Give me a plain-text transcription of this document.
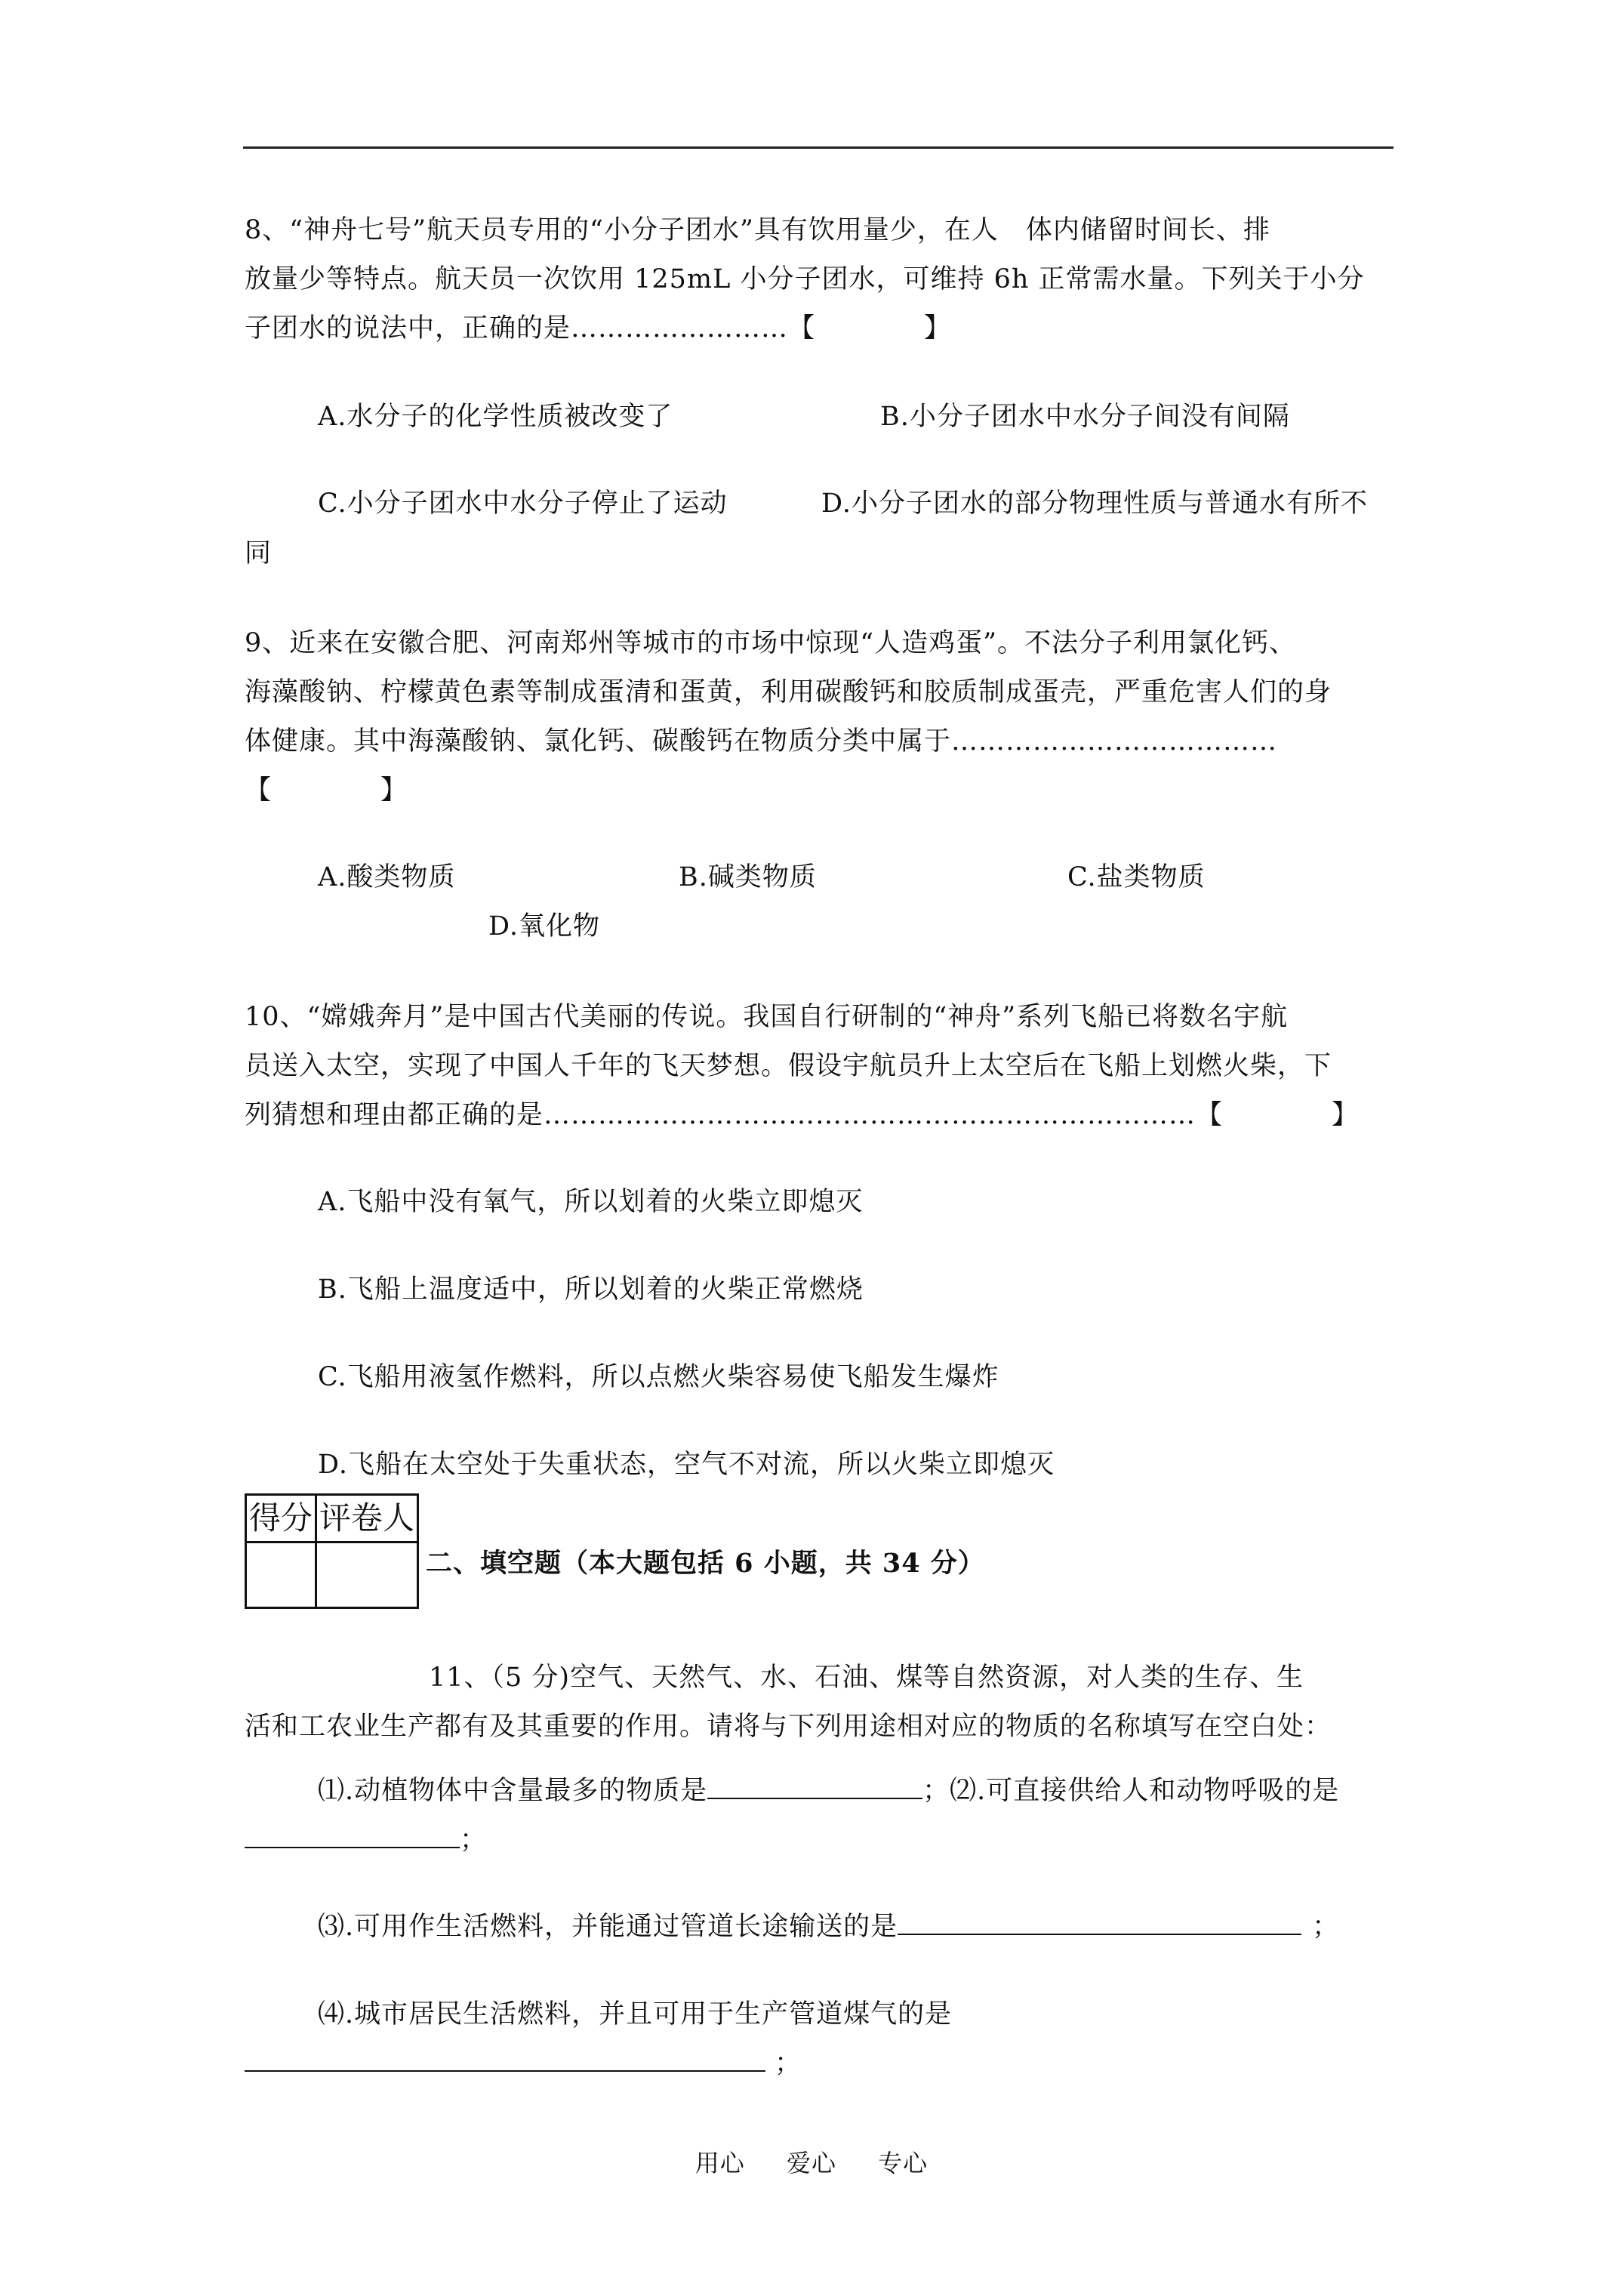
8、“神舟七号”航天员专用的“小分子团水”具有饮用量少，在人　体内储留时间长、排
放量少等特点。航天员一次饮用 125mL 小分子团水，可维持 6h 正常需水量。下列关于小分
子团水的说法中，正确的是……………………【　　　　】
A.水分子的化学性质被改变了	B.小分子团水中水分子间没有间隔
C.小分子团水中水分子停止了运动	D.小分子团水的部分物理性质与普通水有所不
同
9、近来在安徽合肥、河南郑州等城市的市场中惊现“人造鸡蛋”。不法分子利用氯化钙、
海藻酸钠、柠檬黄色素等制成蛋清和蛋黄，利用碳酸钙和胶质制成蛋壳，严重危害人们的身
体健康。其中海藻酸钠、氯化钙、碳酸钙在物质分类中属于………………………………
【　　　　】
A.酸类物质	B.碱类物质	C.盐类物质
D.氧化物
10、“嫦娥奔月”是中国古代美丽的传说。我国自行研制的“神舟”系列飞船已将数名宇航
员送入太空，实现了中国人千年的飞天梦想。假设宇航员升上太空后在飞船上划燃火柴，下
列猜想和理由都正确的是………………………………………………………………【　　　　】
A.飞船中没有氧气，所以划着的火柴立即熄灭
B.飞船上温度适中，所以划着的火柴正常燃烧
C.飞船用液氢作燃料，所以点燃火柴容易使飞船发生爆炸
D.飞船在太空处于失重状态，空气不对流，所以火柴立即熄灭
得分	评卷人

二、填空题（本大题包括 6 小题，共 34 分）
11、（5 分)空气、天然气、水、石油、煤等自然资源，对人类的生存、生
活和工农业生产都有及其重要的作用。请将与下列用途相对应的物质的名称填写在空白处：
⑴.动植物体中含量最多的物质是	；⑵.可直接供给人和动物呼吸的是
；
⑶.可用作生活燃料，并能通过管道长途输送的是	；
⑷.城市居民生活燃料，并且可用于生产管道煤气的是
；
用心 爱心 专心
